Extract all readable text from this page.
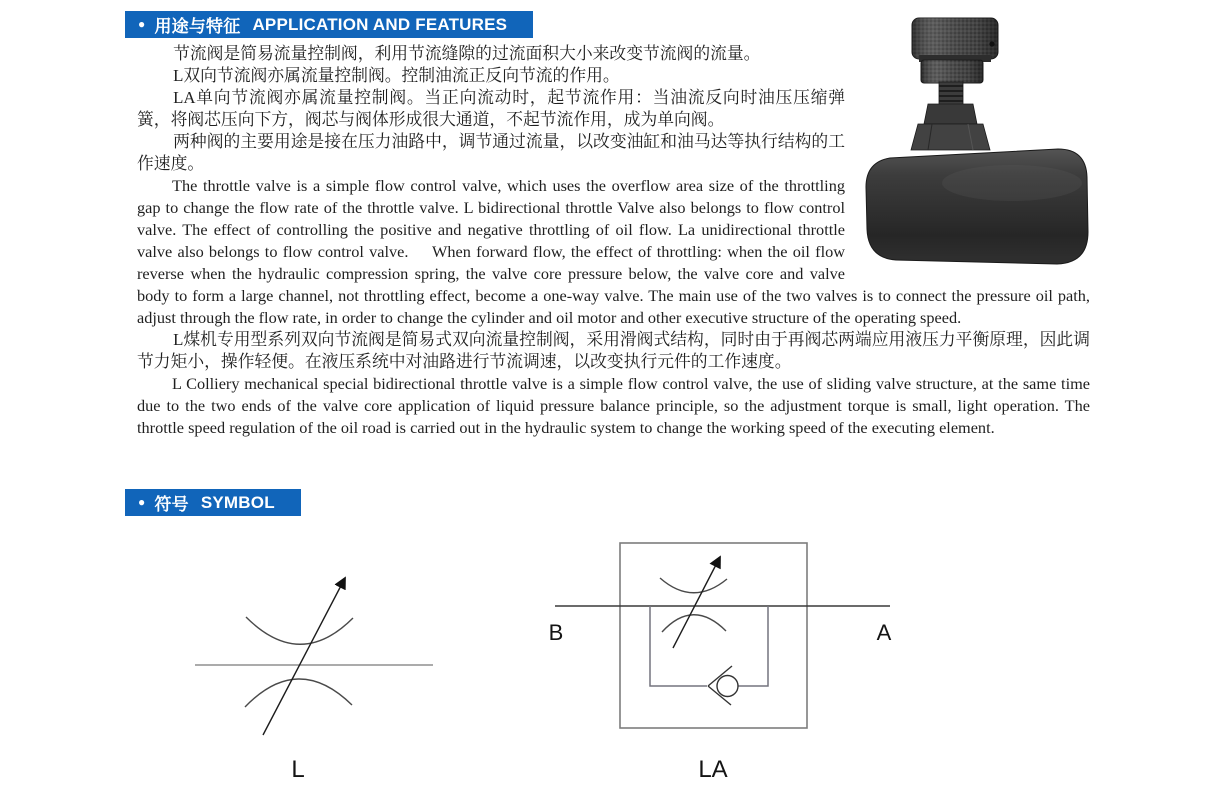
● 用途与特征 APPLICATION AND FEATURES

节流阀是简易流量控制阀，利用节流缝隙的过流面积大小来改变节流阀的流量。

L双向节流阀亦属流量控制阀。控制油流正反向节流的作用。

LA单向节流阀亦属流量控制阀。当正向流动时，起节流作用：当油流反向时油压压缩弹簧，将阀芯压向下方，阀芯与阀体形成很大通道，不起节流作用，成为单向阀。

两种阀的主要用途是接在压力油路中，调节通过流量，以改变油缸和油马达等执行结构的工作速度。

The throttle valve is a simple flow control valve, which uses the overflow area size of the throttling gap to change the flow rate of the throttle valve. L bidirectional throttle Valve also belongs to flow control valve. The effect of controlling the positive and negative throttling of oil flow. La unidirectional throttle valve also belongs to flow control valve.　 When forward flow, the effect of throttling: when the oil flow reverse when the hydraulic compression spring, the valve core pressure below, the valve core and valve body to form a large channel, not throttling effect, become a one-way valve. The main use of the two valves is to connect the pressure oil path, adjust through the flow rate, in order to change the cylinder and oil motor and other executive structure of the operating speed.

L煤机专用型系列双向节流阀是简易式双向流量控制阀，采用滑阀式结构，同时由于再阀芯两端应用液压力平衡原理，因此调节力矩小，操作轻便。在液压系统中对油路进行节流调速，以改变执行元件的工作速度。

L Colliery mechanical special bidirectional throttle valve is a simple flow control valve, the use of sliding valve structure, at the same time due to the two ends of the valve core application of liquid pressure balance principle, so the adjustment torque is small, light operation. The throttle speed regulation of the oil road is carried out in the hydraulic system to change the working speed of the executing element.

● 符号 SYMBOL
L
B	A
LA
